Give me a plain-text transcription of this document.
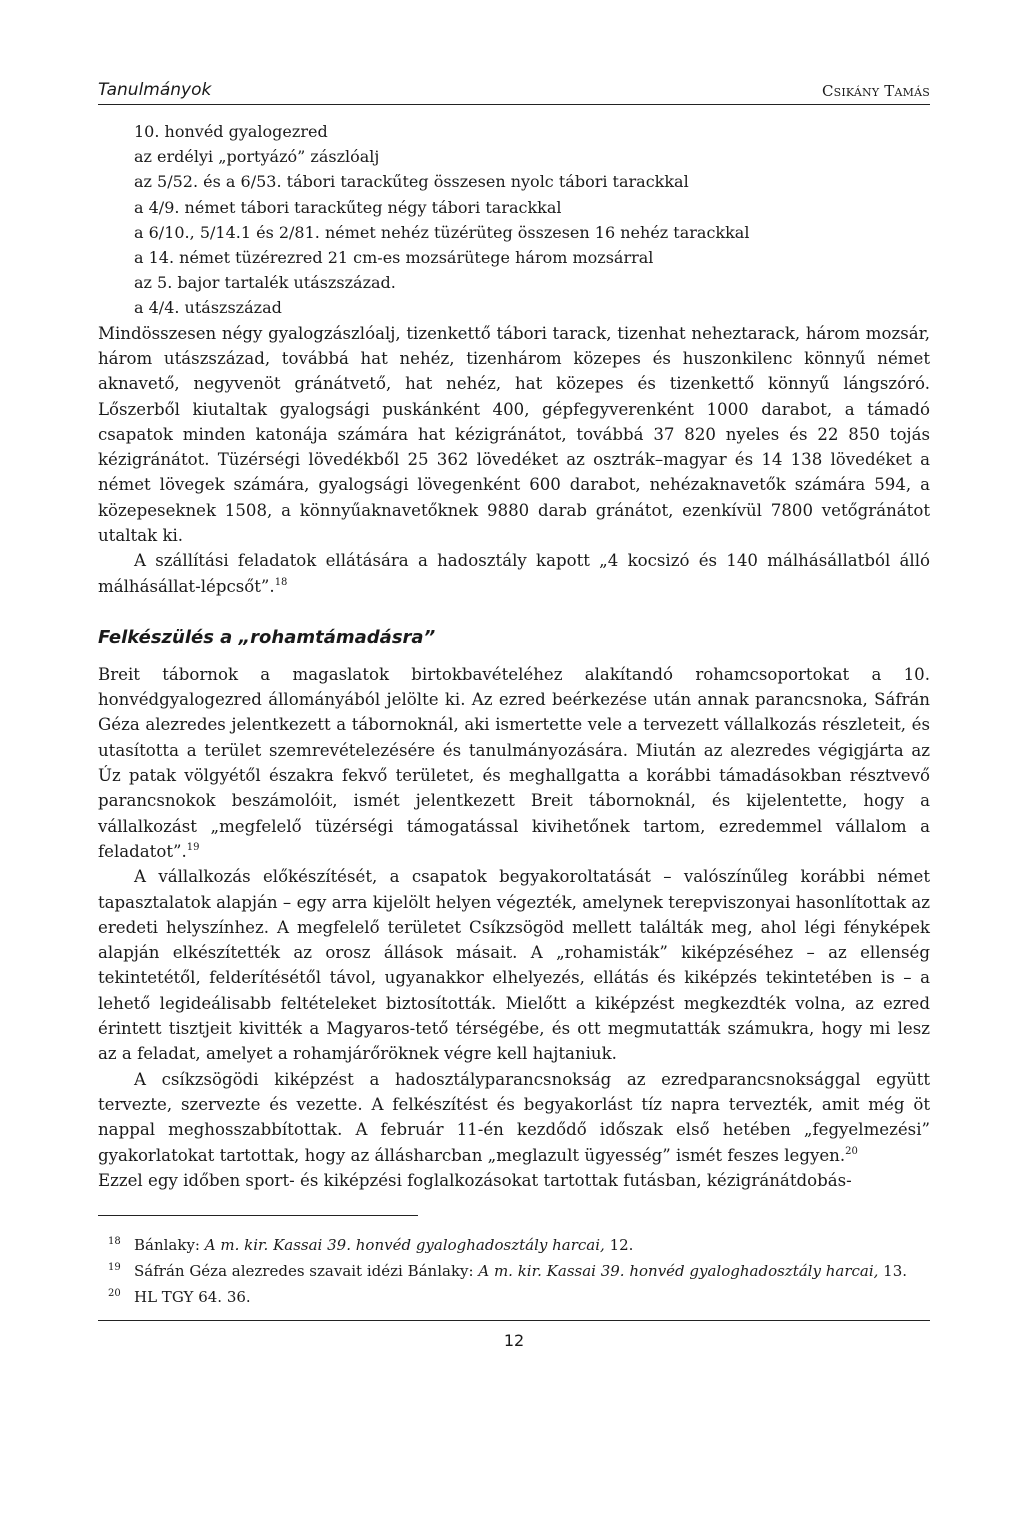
Tanulmányok	Csikány Tamás
10. honvéd gyalogezred
az erdélyi „portyázó” zászlóalj
az 5/52. és a 6/53. tábori tarackűteg összesen nyolc tábori tarackkal
a 4/9. német tábori tarackűteg négy tábori tarackkal
a 6/10., 5/14.1 és 2/81. német nehéz tüzérüteg összesen 16 nehéz tarackkal
a 14. német tüzérezred 21 cm-es mozsárütege három mozsárral
az 5. bajor tartalék utászszázad.
a 4/4. utászszázad

Mindösszesen négy gyalogzászlóalj, tizenkettő tábori tarack, tizenhat neheztarack, három mozsár, három utászszázad, továbbá hat nehéz, tizenhárom közepes és huszonkilenc könnyű német aknavető, negyvenöt gránátvető, hat nehéz, hat közepes és tizenkettő könnyű lángszóró. Lőszerből kiutaltak gyalogsági puskánként 400, gépfegyverenként 1000 darabot, a támadó csapatok minden katonája számára hat kézigránátot, továbbá 37 820 nyeles és 22 850 tojás kézigránátot. Tüzérségi lövedékből 25 362 lövedéket az osztrák–magyar és 14 138 lövedéket a német lövegek számára, gyalogsági lövegenként 600 darabot, nehézaknavetők számára 594, a közepeseknek 1508, a könnyűaknavetőknek 9880 darab gránátot, ezenkívül 7800 vetőgránátot utaltak ki.

A szállítási feladatok ellátására a hadosztály kapott „4 kocsizó és 140 málhásállatból álló málhásállat-lépcsőt”.$^{18}$

Felkészülés a „rohamtámadásra”

Breit tábornok a magaslatok birtokbavételéhez alakítandó rohamcsoportokat a 10. honvédgyalogezred állományából jelölte ki. Az ezred beérkezése után annak parancsnoka, Sáfrán Géza alezredes jelentkezett a tábornoknál, aki ismertette vele a tervezett vállalkozás részleteit, és utasította a terület szemrevételezésére és tanulmányozására. Miután az alezredes végigjárta az Úz patak völgyétől északra fekvő területet, és meghallgatta a korábbi támadásokban résztvevő parancsnokok beszámolóit, ismét jelentkezett Breit tábornoknál, és kijelentette, hogy a vállalkozást „megfelelő tüzérségi támogatással kivihetőnek tartom, ezredemmel vállalom a feladatot”.$^{19}$

A vállalkozás előkészítését, a csapatok begyakoroltatását – valószínűleg korábbi német tapasztalatok alapján – egy arra kijelölt helyen végezték, amelynek terepviszonyai hasonlítottak az eredeti helyszínhez. A megfelelő területet Csíkzsögöd mellett találták meg, ahol légi fényképek alapján elkészítették az orosz állások másait. A „rohamisták” kiképzéséhez – az ellenség tekintetétől, felderítésétől távol, ugyanakkor elhelyezés, ellátás és kiképzés tekintetében is – a lehető legideálisabb feltételeket biztosították. Mielőtt a kiképzést megkezdték volna, az ezred érintett tisztjeit kivitték a Magyaros-tető térségébe, és ott megmutatták számukra, hogy mi lesz az a feladat, amelyet a rohamjárőröknek végre kell hajtaniuk.

A csíkzsögödi kiképzést a hadosztályparancsnokság az ezredparancsnoksággal együtt tervezte, szervezte és vezette. A felkészítést és begyakorlást tíz napra tervezték, amit még öt nappal meghosszabbítottak. A február 11-én kezdődő időszak első hetében „fegyelmezési” gyakorlatokat tartottak, hogy az állásharcban „meglazult ügyesség” ismét feszes legyen.$^{20}$

Ezzel egy időben sport- és kiképzési foglalkozásokat tartottak futásban, kézigránátdobás-

18 Bánlaky: A m. kir. Kassai 39. honvéd gyaloghadosztály harcai, 12.
19 Sáfrán Géza alezredes szavait idézi Bánlaky: A m. kir. Kassai 39. honvéd gyaloghadosztály harcai, 13.
20 HL TGY 64. 36.
12
